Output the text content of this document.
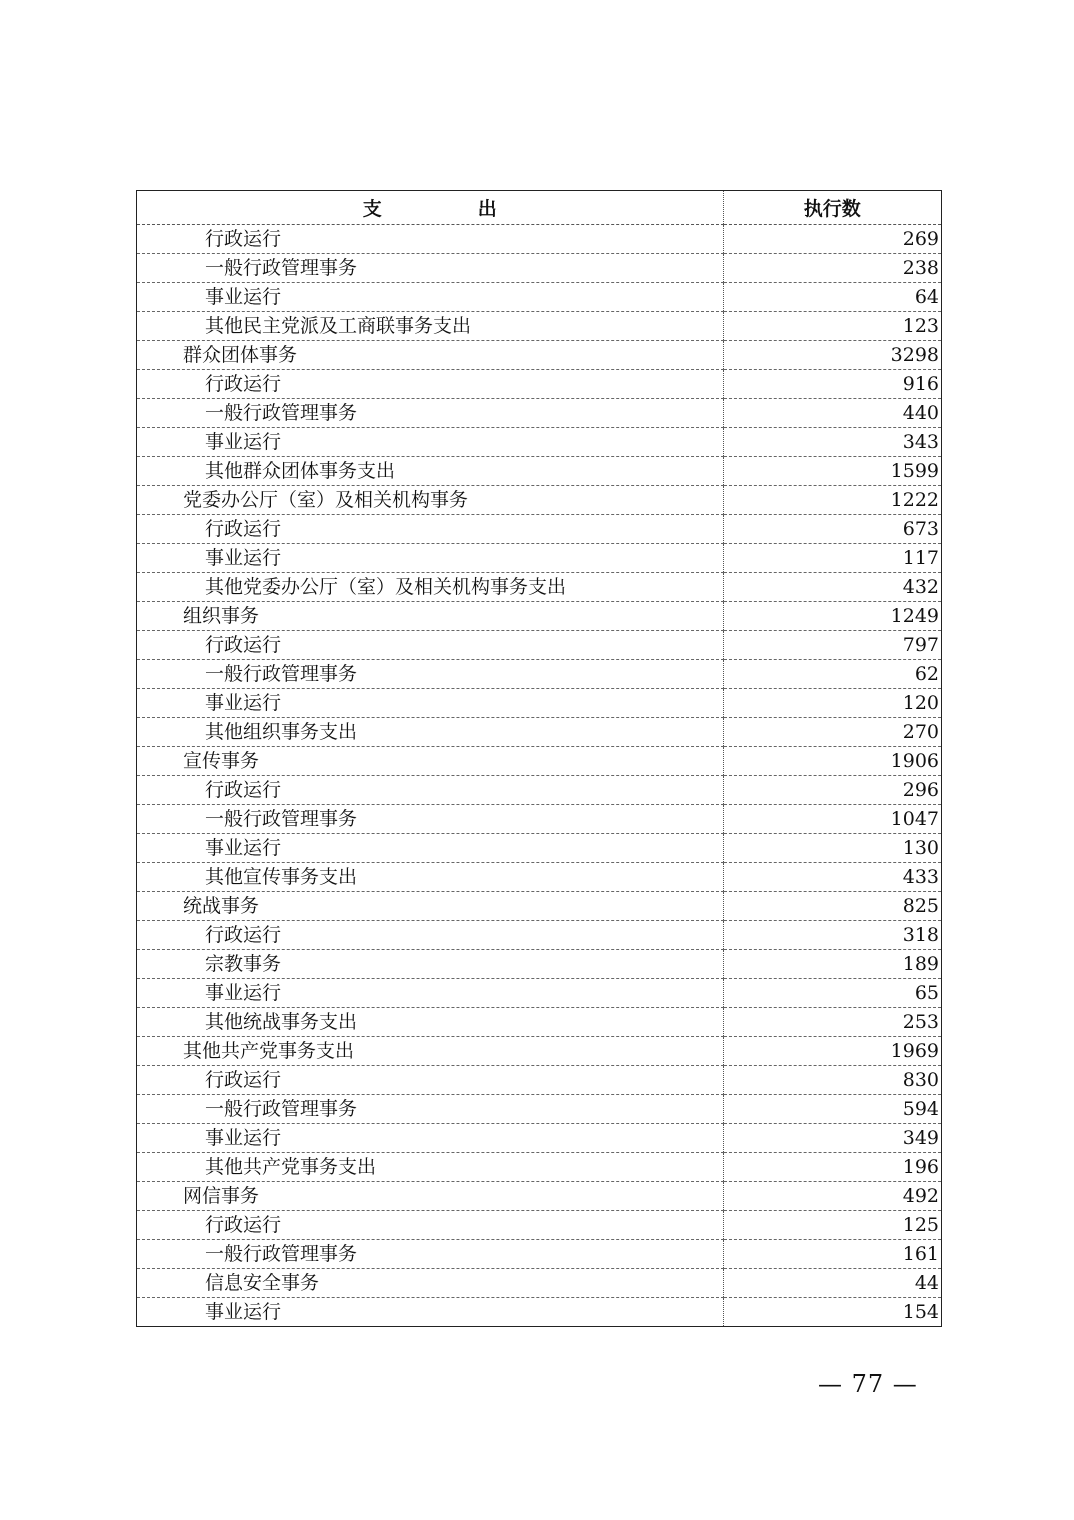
支 出	执行数
行政运行	269
一般行政管理事务	238
事业运行	64
其他民主党派及工商联事务支出	123
群众团体事务	3298
行政运行	916
一般行政管理事务	440
事业运行	343
其他群众团体事务支出	1599
党委办公厅（室）及相关机构事务	1222
行政运行	673
事业运行	117
其他党委办公厅（室）及相关机构事务支出	432
组织事务	1249
行政运行	797
一般行政管理事务	62
事业运行	120
其他组织事务支出	270
宣传事务	1906
行政运行	296
一般行政管理事务	1047
事业运行	130
其他宣传事务支出	433
统战事务	825
行政运行	318
宗教事务	189
事业运行	65
其他统战事务支出	253
其他共产党事务支出	1969
行政运行	830
一般行政管理事务	594
事业运行	349
其他共产党事务支出	196
网信事务	492
行政运行	125
一般行政管理事务	161
信息安全事务	44
事业运行	154
— 77 —
